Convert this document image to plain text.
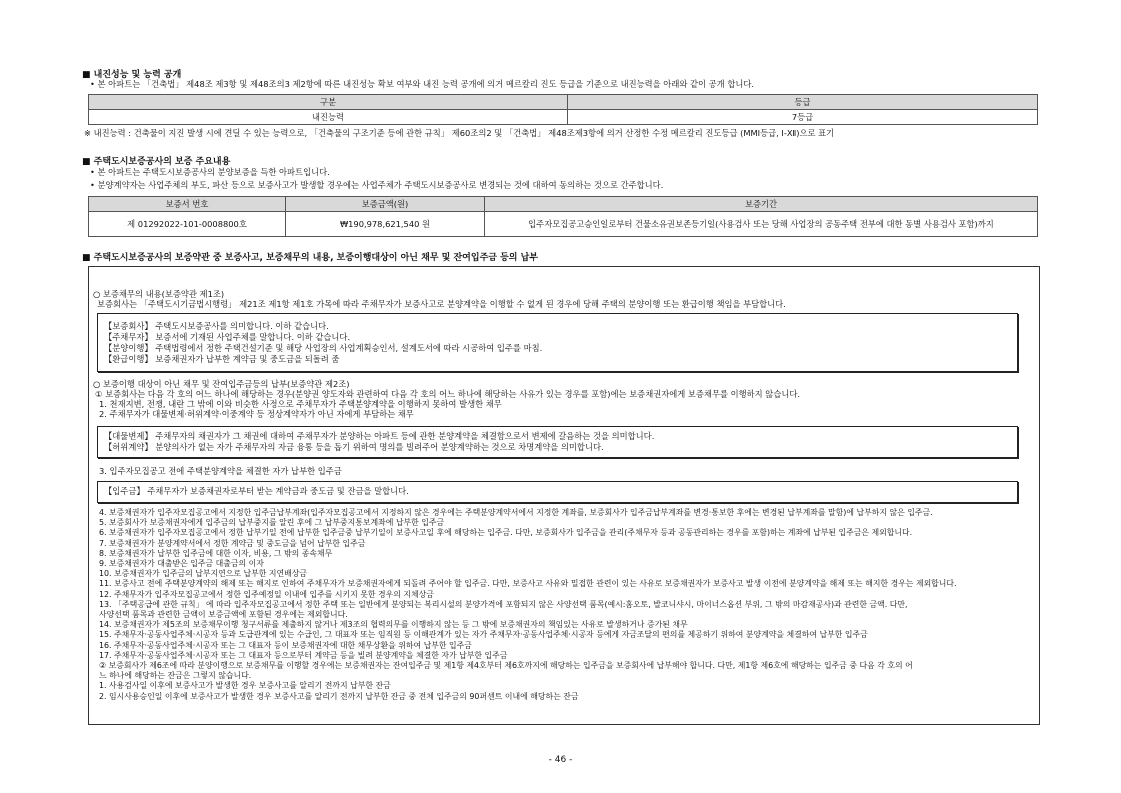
■ 내진성능 및 능력 공개
• 본 아파트는 「건축법」 제48조 제3항 및 제48조의3 제2항에 따른 내진성능 확보 여부와 내진 능력 공개에 의거 메르칼리 진도 등급을 기준으로 내진능력을 아래와 같이 공개 합니다.
구분	등급
내진능력	7등급
※ 내진능력 : 건축물이 지진 발생 시에 견딜 수 있는 능력으로, 「건축물의 구조기준 등에 관한 규칙」 제60조의2 및 「건축법」 제48조제3항에 의거 산정한 수정 메르칼리 진도등급 (MMI등급, Ⅰ-Ⅻ)으로 표기
■ 주택도시보증공사의 보증 주요내용
• 본 아파트는 주택도시보증공사의 분양보증을 득한 아파트입니다.
• 분양계약자는 사업주체의 부도, 파산 등으로 보증사고가 발생할 경우에는 사업주체가 주택도시보증공사로 변경되는 것에 대하여 동의하는 것으로 간주합니다.
보증서 번호	보증금액(원)	보증기간
제 01292022-101-0008800호	₩190,978,621,540 원	입주자모집공고승인일로부터 건물소유권보존등기일(사용검사 또는 당해 사업장의 공동주택 전부에 대한 동별 사용검사 포함)까지
■ 주택도시보증공사의 보증약관 중 보증사고, 보증채무의 내용, 보증이행대상이 아닌 채무 및 잔여입주금 등의 납부
○ 보증채무의 내용(보증약관 제1조)
보증회사는 「주택도시기금법시행령」 제21조 제1항 제1호 가목에 따라 주채무자가 보증사고로 분양계약을 이행할 수 없게 된 경우에 당해 주택의 분양이행 또는 환급이행 책임을 부담합니다.
【보증회사】 주택도시보증공사를 의미합니다. 이하 같습니다.
【주채무자】 보증서에 기재된 사업주체를 말합니다. 이하 같습니다.
【분양이행】 주택법령에서 정한 주택건설기준 및 해당 사업장의 사업계획승인서, 설계도서에 따라 시공하여 입주를 마침.
【환급이행】 보증채권자가 납부한 계약금 및 중도금을 되돌려 줌
○ 보증이행 대상이 아닌 채무 및 잔여입주금등의 납부(보증약관 제2조)
① 보증회사는 다음 각 호의 어느 하나에 해당하는 경우(분양권 양도자와 관련하여 다음 각 호의 어느 하나에 해당하는 사유가 있는 경우를 포함)에는 보증채권자에게 보증채무를 이행하지 않습니다.
1. 천재지변, 전쟁, 내란 그 밖에 이와 비슷한 사정으로 주채무자가 주택분양계약을 이행하지 못하여 발생한 채무
2. 주채무자가 대물변제·허위계약·이중계약 등 정상계약자가 아닌 자에게 부담하는 채무
【대물변제】 주채무자의 채권자가 그 채권에 대하여 주채무자가 분양하는 아파트 등에 관한 분양계약을 체결함으로서 변제에 갈음하는 것을 의미합니다.
【허위계약】 분양의사가 없는 자가 주채무자의 자금 융통 등을 돕기 위하여 명의를 빌려주어 분양계약하는 것으로 차명계약을 의미합니다.
3. 입주자모집공고 전에 주택분양계약을 체결한 자가 납부한 입주금
【입주금】 주채무자가 보증채권자로부터 받는 계약금과 중도금 및 잔금을 말합니다.
4. 보증채권자가 입주자모집공고에서 지정한 입주금납부계좌(입주자모집공고에서 지정하지 않은 경우에는 주택분양계약서에서 지정한 계좌를, 보증회사가 입주금납부계좌를 변경·통보한 후에는 변경된 납부계좌를 말함)에 납부하지 않은 입주금.
5. 보증회사가 보증채권자에게 입주금의 납부중지를 알린 후에 그 납부중지통보계좌에 납부한 입주금
6. 보증채권자가 입주자모집공고에서 정한 납부기일 전에 납부한 입주금중 납부기일이 보증사고일 후에 해당하는 입주금. 다만, 보증회사가 입주금을 관리(주채무자 등과 공동관리하는 경우를 포함)하는 계좌에 납부된 입주금은 제외합니다.
7. 보증채권자가 분양계약서에서 정한 계약금 및 중도금을 넘어 납부한 입주금
8. 보증채권자가 납부한 입주금에 대한 이자, 비용, 그 밖의 종속채무
9. 보증채권자가 대출받은 입주금 대출금의 이자
10. 보증채권자가 입주금의 납부지연으로 납부한 지연배상금
11. 보증사고 전에 주택분양계약의 해제 또는 해지로 인하여 주채무자가 보증채권자에게 되돌려 주어야 할 입주금. 다만, 보증사고 사유와 밀접한 관련이 있는 사유로 보증채권자가 보증사고 발생 이전에 분양계약을 해제 또는 해지한 경우는 제외합니다.
12. 주채무자가 입주자모집공고에서 정한 입주예정일 이내에 입주를 시키지 못한 경우의 지체상금
13. 「주택공급에 관한 규칙」 에 따라 입주자모집공고에서 정한 주택 또는 일반에게 분양되는 복리시설의 분양가격에 포함되지 않은 사양선택 품목(예시:홈오토, 발코니샤시, 마이너스옵션 부위, 그 밖의 마감재공사)과 관련한 금액. 다만,
사양선택 품목과 관련한 금액이 보증금액에 포함된 경우에는 제외합니다.
14. 보증채권자가 제5조의 보증채무이행 청구서류를 제출하지 않거나 제3조의 협력의무를 이행하지 않는 등 그 밖에 보증채권자의 책임있는 사유로 발생하거나 증가된 채무
15. 주채무자·공동사업주체·시공자 등과 도급관계에 있는 수급인, 그 대표자 또는 임직원 등 이해관계가 있는 자가 주채무자·공동사업주체·시공자 등에게 자금조달의 편의를 제공하기 위하여 분양계약을 체결하여 납부한 입주금
16. 주채무자·공동사업주체·시공자 또는 그 대표자 등이 보증채권자에 대한 채무상환을 위하여 납부한 입주금
17. 주채무자·공동사업주체·시공자 또는 그 대표자 등으로부터 계약금 등을 빌려 분양계약을 체결한 자가 납부한 입주금
② 보증회사가 제6조에 따라 분양이행으로 보증채무를 이행할 경우에는 보증채권자는 잔여입주금 및 제1항 제4호부터 제6호까지에 해당하는 입주금을 보증회사에 납부해야 합니다. 다만, 제1항 제6호에 해당하는 입주금 중 다음 각 호의 어
느 하나에 해당하는 잔금은 그렇지 않습니다.
1. 사용검사일 이후에 보증사고가 발생한 경우 보증사고를 알리기 전까지 납부한 잔금
2. 임시사용승인일 이후에 보증사고가 발생한 경우 보증사고를 알리기 전까지 납부한 잔금 중 전체 입주금의 90퍼센트 이내에 해당하는 잔금
- 46 -
